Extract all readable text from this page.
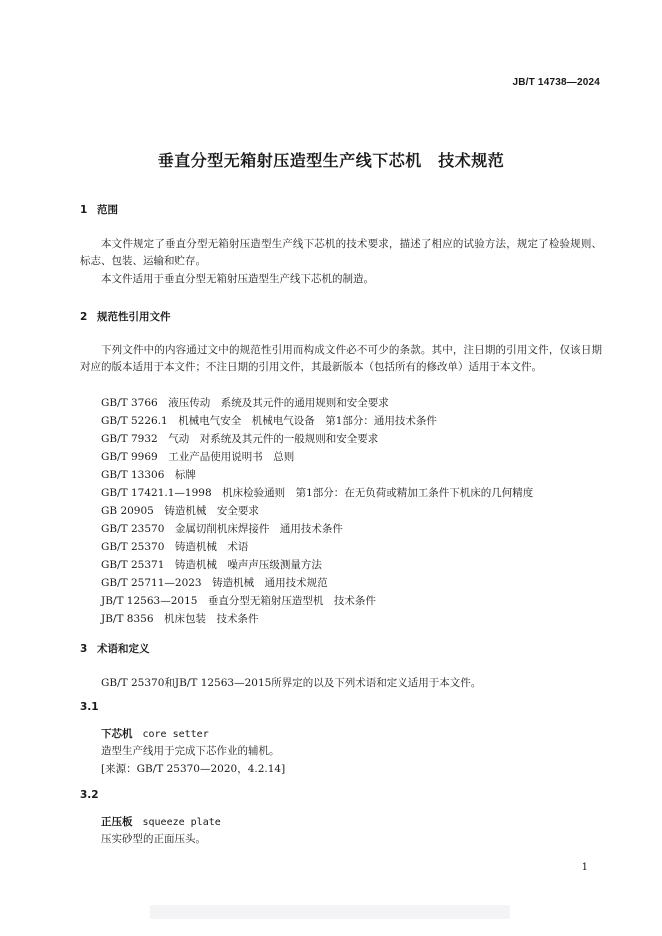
JB/T 14738—2024
垂直分型无箱射压造型生产线下芯机　技术规范
1 范围
本文件规定了垂直分型无箱射压造型生产线下芯机的技术要求，描述了相应的试验方法，规定了检验规则、标志、包装、运输和贮存。
本文件适用于垂直分型无箱射压造型生产线下芯机的制造。
2 规范性引用文件
下列文件中的内容通过文中的规范性引用而构成文件必不可少的条款。其中，注日期的引用文件，仅该日期对应的版本适用于本文件；不注日期的引用文件，其最新版本（包括所有的修改单）适用于本文件。
GB/T 3766　液压传动　系统及其元件的通用规则和安全要求
GB/T 5226.1　机械电气安全　机械电气设备　第1部分：通用技术条件
GB/T 7932　气动　对系统及其元件的一般规则和安全要求
GB/T 9969　工业产品使用说明书　总则
GB/T 13306　标牌
GB/T 17421.1—1998　机床检验通则　第1部分：在无负荷或精加工条件下机床的几何精度
GB 20905　铸造机械　安全要求
GB/T 23570　金属切削机床焊接件　通用技术条件
GB/T 25370　铸造机械　术语
GB/T 25371　铸造机械　噪声声压级测量方法
GB/T 25711—2023　铸造机械　通用技术规范
JB/T 12563—2015　垂直分型无箱射压造型机　技术条件
JB/T 8356　机床包装　技术条件
3 术语和定义
GB/T 25370和JB/T 12563—2015所界定的以及下列术语和定义适用于本文件。
3.1
下芯机 core setter
造型生产线用于完成下芯作业的辅机。
[来源：GB/T 25370—2020，4.2.14]
3.2
正压板 squeeze plate
压实砂型的正面压头。
1
